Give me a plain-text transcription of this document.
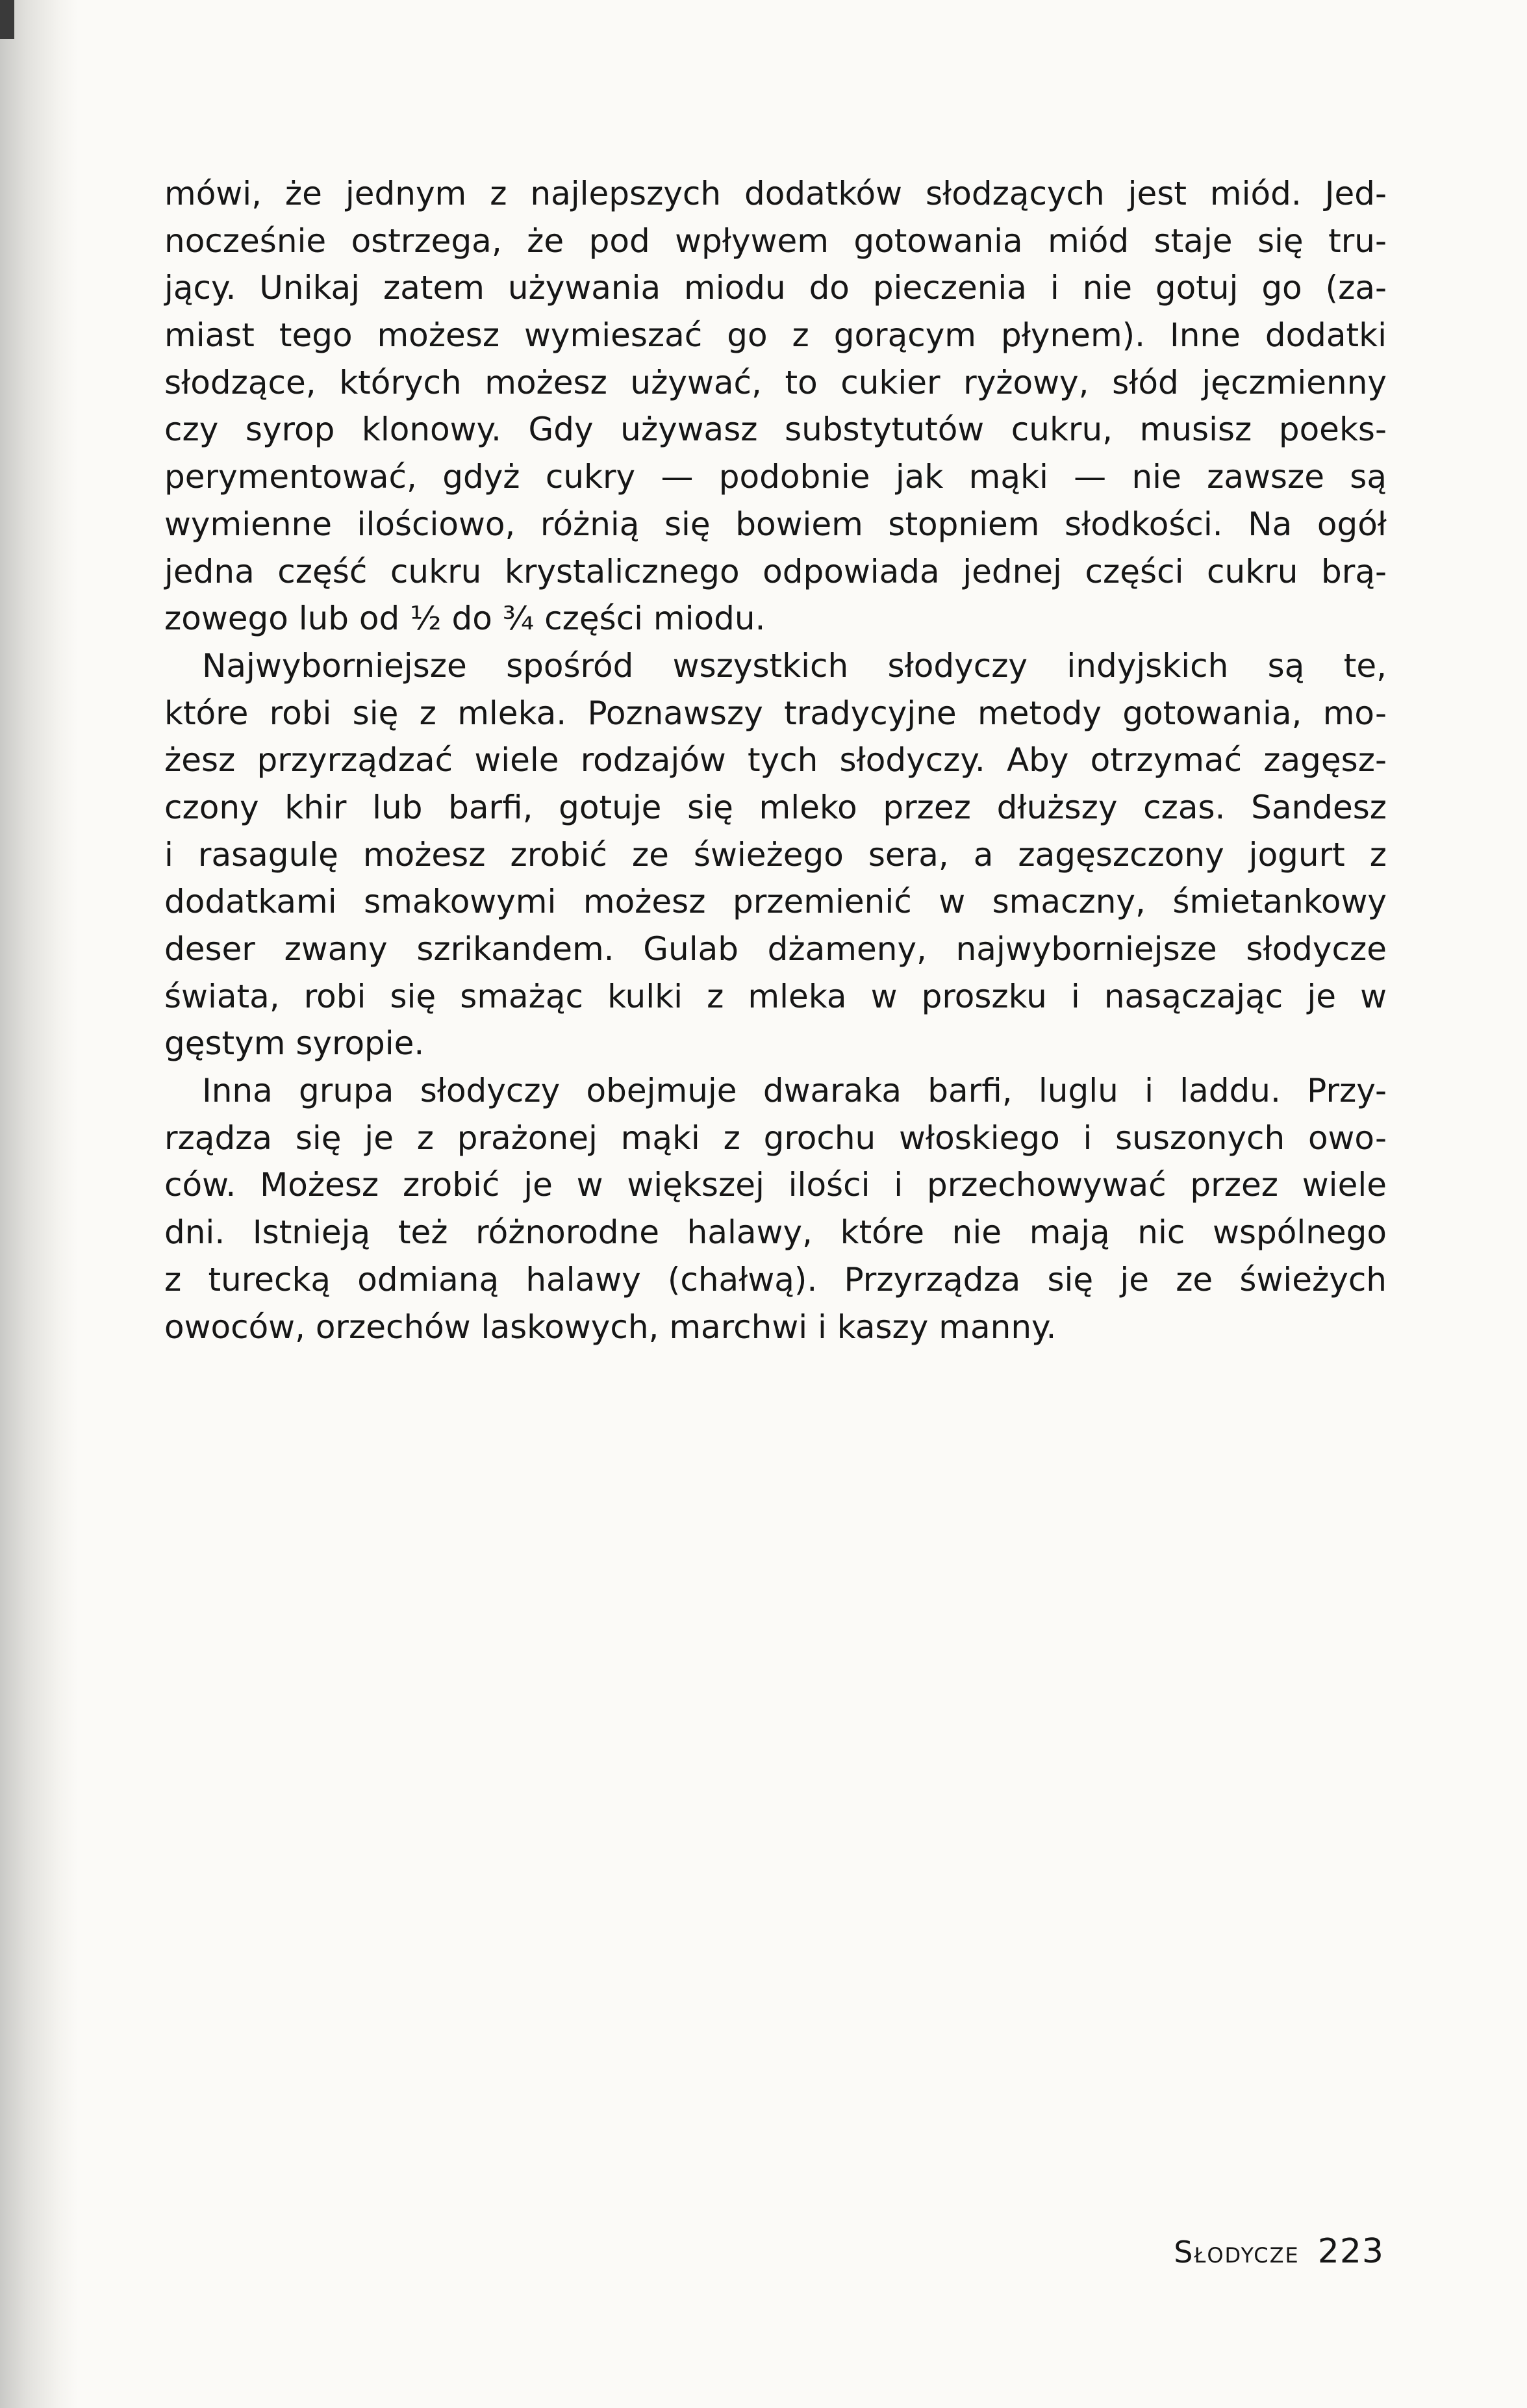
mówi, że jednym z najlepszych dodatków słodzących jest miód. Jed-
nocześnie ostrzega, że pod wpływem gotowania miód staje się tru-
jący. Unikaj zatem używania miodu do pieczenia i nie gotuj go (za-
miast tego możesz wymieszać go z gorącym płynem). Inne dodatki
słodzące, których możesz używać, to cukier ryżowy, słód jęczmienny
czy syrop klonowy. Gdy używasz substytutów cukru, musisz poeks-
perymentować, gdyż cukry — podobnie jak mąki — nie zawsze są
wymienne ilościowo, różnią się bowiem stopniem słodkości. Na ogół
jedna część cukru krystalicznego odpowiada jednej części cukru brą-
zowego lub od ½ do ¾ części miodu.
Najwyborniejsze spośród wszystkich słodyczy indyjskich są te,
które robi się z mleka. Poznawszy tradycyjne metody gotowania, mo-
żesz przyrządzać wiele rodzajów tych słodyczy. Aby otrzymać zagęsz-
czony khir lub barfi, gotuje się mleko przez dłuższy czas. Sandesz
i rasagulę możesz zrobić ze świeżego sera, a zagęszczony jogurt z
dodatkami smakowymi możesz przemienić w smaczny, śmietankowy
deser zwany szrikandem. Gulab dżameny, najwyborniejsze słodycze
świata, robi się smażąc kulki z mleka w proszku i nasączając je w
gęstym syropie.
Inna grupa słodyczy obejmuje dwaraka barfi, luglu i laddu. Przy-
rządza się je z prażonej mąki z grochu włoskiego i suszonych owo-
ców. Możesz zrobić je w większej ilości i przechowywać przez wiele
dni. Istnieją też różnorodne halawy, które nie mają nic wspólnego
z turecką odmianą halawy (chałwą). Przyrządza się je ze świeżych
owoców, orzechów laskowych, marchwi i kaszy manny.
Słodycze 223
